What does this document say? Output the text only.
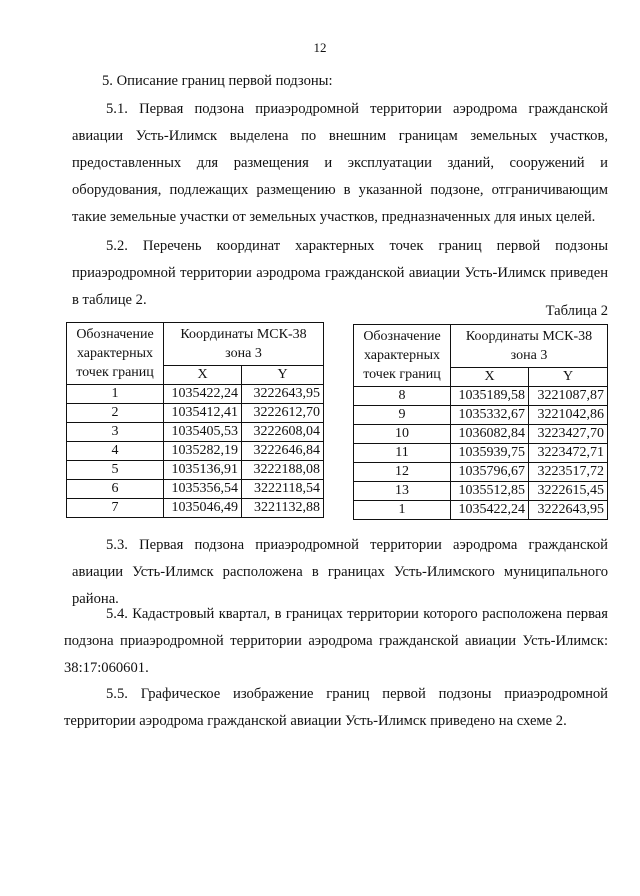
12
5. Описание границ первой подзоны:
5.1. Первая подзона приаэродромной территории аэродрома гражданской авиации Усть-Илимск выделена по внешним границам земельных участков, предоставленных для размещения и эксплуатации зданий, сооружений и оборудования, подлежащих размещению в указанной подзоне, отграничивающим такие земельные участки от земельных участков, предназначенных для иных целей.
5.2. Перечень координат характерных точек границ первой подзоны приаэродромной территории аэродрома гражданской авиации Усть-Илимск приведен в таблице 2.
Таблица 2
Обозначение характерных точек границ	Координаты МСК-38 зона 3	
	X	Y
1	1035422,24	3222643,95
2	1035412,41	3222612,70
3	1035405,53	3222608,04
4	1035282,19	3222646,84
5	1035136,91	3222188,08
6	1035356,54	3222118,54
7	1035046,49	3221132,88
Обозначение характерных точек границ	Координаты МСК-38 зона 3	
	X	Y
8	1035189,58	3221087,87
9	1035332,67	3221042,86
10	1036082,84	3223427,70
11	1035939,75	3223472,71
12	1035796,67	3223517,72
13	1035512,85	3222615,45
1	1035422,24	3222643,95
5.3. Первая подзона приаэродромной территории аэродрома гражданской авиации Усть-Илимск расположена в границах Усть-Илимского муниципального района.
5.4. Кадастровый квартал, в границах территории которого расположена первая подзона приаэродромной территории аэродрома гражданской авиации Усть-Илимск: 38:17:060601.
5.5. Графическое изображение границ первой подзоны приаэродромной территории аэродрома гражданской авиации Усть-Илимск приведено на схеме 2.
